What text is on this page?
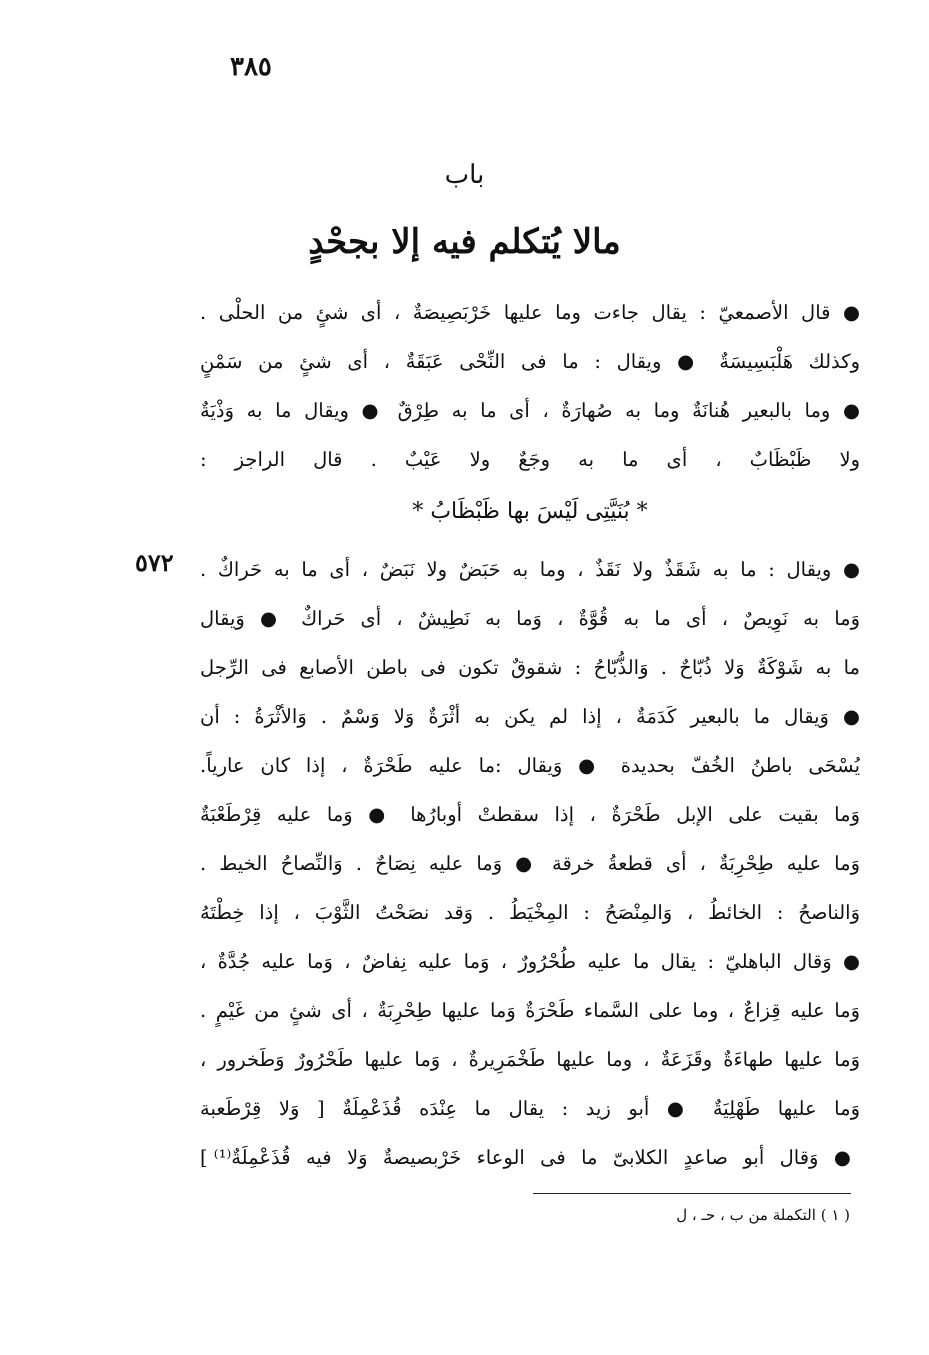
٣٨٥
باب
مالا يُتكلم فيه إلا بجحْدٍ
٥٧٢
● قال الأصمعيّ : يقال جاءت وما عليها خَرْبَصِيصَةٌ ، أى شئٍ من الحلْى .
وكذلك هَلْبَسِيسَةٌ ● ويقال : ما فى النِّحْى عَبَقَةٌ ، أى شئٍ من سَمْنٍ
● وما بالبعير هُنانَةٌ وما به صُهارَةٌ ، أى ما به طِرْقٌ ● ويقال ما به وَذْيَةٌ
ولا ظَبْظَابٌ ، أى ما به وجَعٌ ولا عَيْبٌ . قال الراجز :
* بُنَيَّتِى لَيْسَ بها ظَبْظَابُ *
● ويقال : ما به شَقَذٌ ولا نَقَذٌ ، وما به حَبَضٌ ولا نَبَضٌ ، أى ما به حَراكٌ .
وَما به نَوِيصٌ ، أى ما به قُوَّةٌ ، وَما به نَطِيشٌ ، أى حَراكٌ ● وَيقال
ما به شَوْكَةٌ وَلا ذُبّاحٌ . وَالذُّبّاحُ : شقوقٌ تكون فى باطن الأصابع فى الرِّجل
● وَيقال ما بالبعير كَدَمَةٌ ، إذا لم يكن به أثْرَةٌ وَلا وَسْمٌ . وَالأثْرَةُ : أن
يُسْحَى باطنُ الخُفّ بحديدة ● وَيقال :ما عليه طَحْرَةٌ ، إذا كان عارياً.
وَما بقيت على الإبل طَحْرَةٌ ، إذا سقطتْ أوبارُها ● وَما عليه قِرْطَعْبَةٌ
وَما عليه طِحْرِبَةٌ ، أى قطعةُ خرقة ● وَما عليه نِصَاحٌ . وَالنِّصاحُ الخيط .
وَالناصحُ : الخائطُ ، وَالمِنْصَحُ : المِخْيَطُ . وَقد نصَحْتُ الثَّوْبَ ، إذا خِطْتَهُ
● وَقال الباهليّ : يقال ما عليه طُحْرُورٌ ، وَما عليه نِفاضٌ ، وَما عليه جُدَّةٌ ،
وَما عليه قِزاعٌ ، وما على السَّماء طَحْرَةٌ وَما عليها طِحْرِبَةٌ ، أى شئٍ من غَيْمٍ .
وَما عليها طهاءَةٌ وقَزَعَةٌ ، وما عليها طَخْمَرِيرةٌ ، وَما عليها طَحْرُورٌ وَطَخرور ،
وَما عليها طَهْلِيَةٌ ● أبو زيد : يقال ما عِنْدَه قُذَعْمِلَةٌ [ وَلا قِرْطَعبة
● وَقال أبو صاعدٍ الكلابىّ ما فى الوعاء خَرْبصيصةٌ وَلا فيه قُذَعْمِلَةٌ⁽¹⁾ ]
( ١ ) التكملة من ب ، حـ ، ل
